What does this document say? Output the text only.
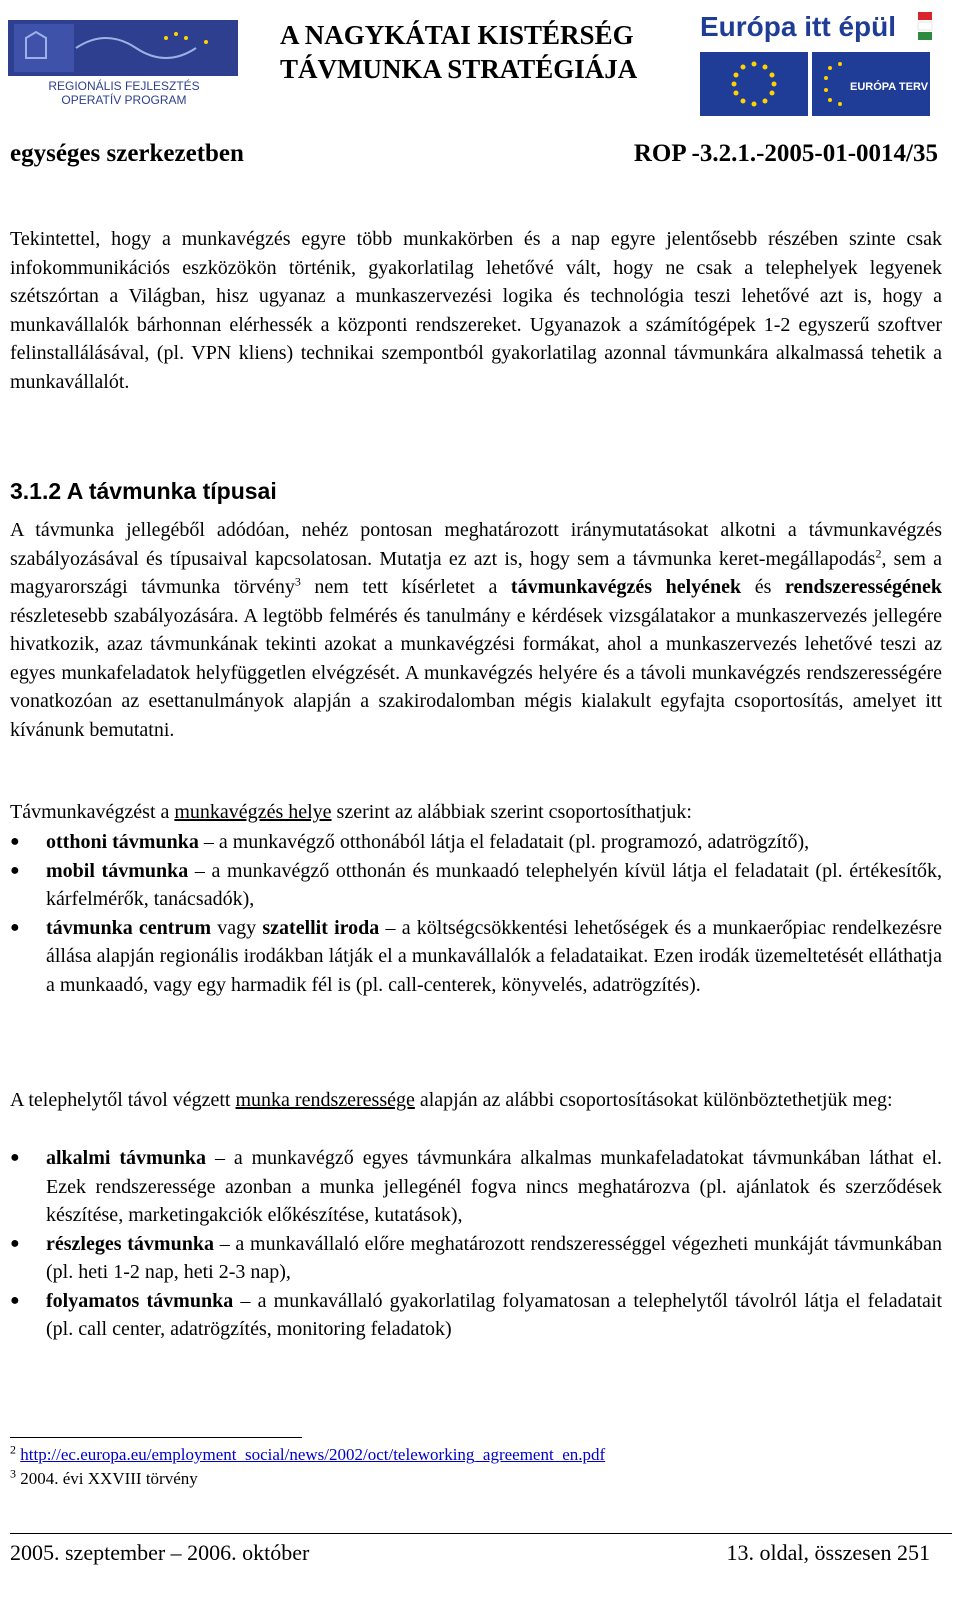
REGIONÁLIS FEJLESZTÉS
OPERATÍV PROGRAM
A NAGYKÁTAI KISTÉRSÉG
TÁVMUNKA STRATÉGIÁJA
Európa itt épül
EURÓPA TERV
egységes szerkezetben	ROP -3.2.1.-2005-01-0014/35
Tekintettel, hogy a munkavégzés egyre több munkakörben és a nap egyre jelentősebb részében szinte csak infokommunikációs eszközökön történik, gyakorlatilag lehetővé vált, hogy ne csak a telephelyek legyenek szétszórtan a Világban, hisz ugyanaz a munkaszervezési logika és technológia teszi lehetővé azt is, hogy a munkavállalók bárhonnan elérhessék a központi rendszereket. Ugyanazok a számítógépek 1-2 egyszerű szoftver felinstallálásával, (pl. VPN kliens) technikai szempontból gyakorlatilag azonnal távmunkára alkalmassá tehetik a munkavállalót.
3.1.2 A távmunka típusai
A távmunka jellegéből adódóan, nehéz pontosan meghatározott iránymutatásokat alkotni a távmunkavégzés szabályozásával és típusaival kapcsolatosan. Mutatja ez azt is, hogy sem a távmunka keret-megállapodás$^2$, sem a magyarországi távmunka törvény$^3$ nem tett kísérletet a távmunkavégzés helyének és rendszerességének részletesebb szabályozására. A legtöbb felmérés és tanulmány e kérdések vizsgálatakor a munkaszervezés jellegére hivatkozik, azaz távmunkának tekinti azokat a munkavégzési formákat, ahol a munkaszervezés lehetővé teszi az egyes munkafeladatok helyfüggetlen elvégzését. A munkavégzés helyére és a távoli munkavégzés rendszerességére vonatkozóan az esettanulmányok alapján a szakirodalomban mégis kialakult egyfajta csoportosítás, amelyet itt kívánunk bemutatni.
Távmunkavégzést a munkavégzés helye szerint az alábbiak szerint csoportosíthatjuk:
●	otthoni távmunka – a munkavégző otthonából látja el feladatait (pl. programozó, adatrögzítő),
●	mobil távmunka – a munkavégző otthonán és munkaadó telephelyén kívül látja el feladatait (pl. értékesítők, kárfelmérők, tanácsadók),
●	távmunka centrum vagy szatellit iroda – a költségcsökkentési lehetőségek és a munkaerőpiac rendelkezésre állása alapján regionális irodákban látják el a munkavállalók a feladataikat. Ezen irodák üzemeltetését elláthatja a munkaadó, vagy egy harmadik fél is (pl. call-centerek, könyvelés, adatrögzítés).
A telephelytől távol végzett munka rendszeressége alapján az alábbi csoportosításokat különböztethetjük meg:
●	alkalmi távmunka – a munkavégző egyes távmunkára alkalmas munkafeladatokat távmunkában láthat el. Ezek rendszeressége azonban a munka jellegénél fogva nincs meghatározva (pl. ajánlatok és szerződések készítése, marketingakciók előkészítése, kutatások),
●	részleges távmunka – a munkavállaló előre meghatározott rendszerességgel végezheti munkáját távmunkában (pl. heti 1-2 nap, heti 2-3 nap),
●	folyamatos távmunka – a munkavállaló gyakorlatilag folyamatosan a telephelytől távolról látja el feladatait (pl. call center, adatrögzítés, monitoring feladatok)
$^2$ http://ec.europa.eu/employment_social/news/2002/oct/teleworking_agreement_en.pdf
$^3$ 2004. évi XXVIII törvény
2005. szeptember – 2006. október	13. oldal, összesen 251
